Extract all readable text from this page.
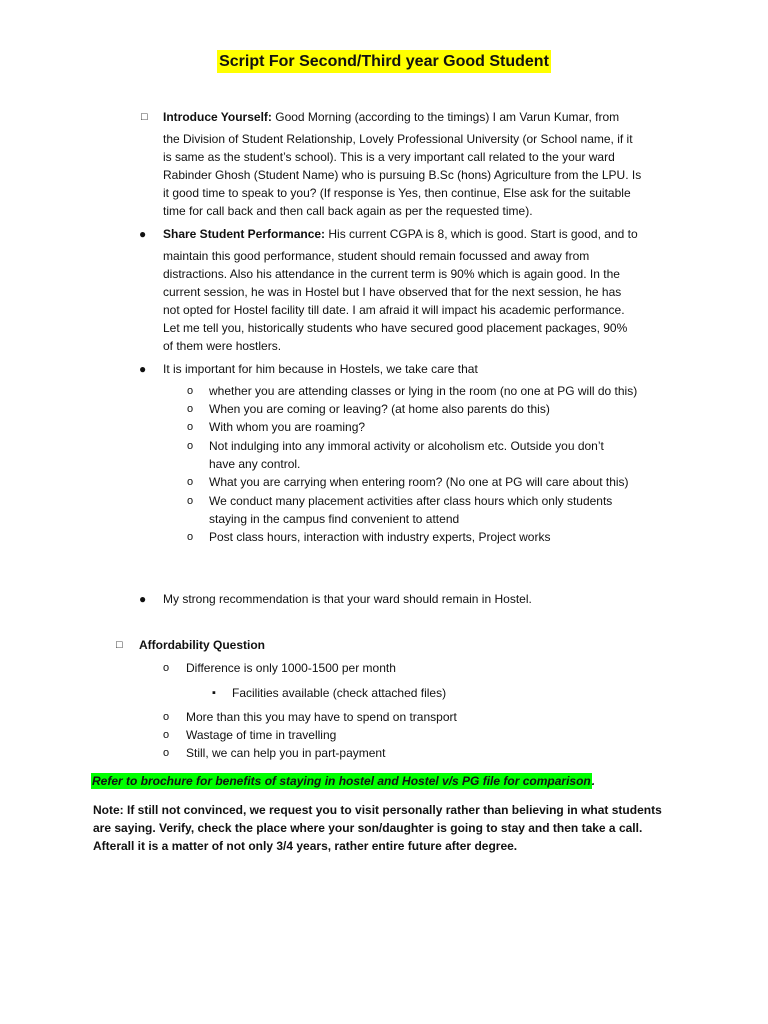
Script For Second/Third year Good Student
□ Introduce Yourself: Good Morning (according to the timings) I am Varun Kumar, from
the Division of Student Relationship, Lovely Professional University (or School name, if it
is same as the student’s school). This is a very important call related to the your ward
Rabinder Ghosh (Student Name) who is pursuing B.Sc (hons) Agriculture from the LPU. Is
it good time to speak to you? (If response is Yes, then continue, Else ask for the suitable
time for call back and then call back again as per the requested time).
● Share Student Performance: His current CGPA is 8, which is good. Start is good, and to
maintain this good performance, student should remain focussed and away from
distractions. Also his attendance in the current term is 90% which is again good. In the
current session, he was in Hostel but I have observed that for the next session, he has
not opted for Hostel facility till date. I am afraid it will impact his academic performance.
Let me tell you, historically students who have secured good placement packages, 90%
of them were hostlers.
● It is important for him because in Hostels, we take care that
o whether you are attending classes or lying in the room (no one at PG will do this)
o When you are coming or leaving? (at home also parents do this)
o With whom you are roaming?
o Not indulging into any immoral activity or alcoholism etc. Outside you don’t
have any control.
o What you are carrying when entering room? (No one at PG will care about this)
o We conduct many placement activities after class hours which only students
staying in the campus find convenient to attend
o Post class hours, interaction with industry experts, Project works
● My strong recommendation is that your ward should remain in Hostel.
□ Affordability Question
o Difference is only 1000-1500 per month
▪ Facilities available (check attached files)
o More than this you may have to spend on transport
o Wastage of time in travelling
o Still, we can help you in part-payment
Refer to brochure for benefits of staying in hostel and Hostel v/s PG file for comparison.
Note: If still not convinced, we request you to visit personally rather than believing in what students
are saying. Verify, check the place where your son/daughter is going to stay and then take a call.
Afterall it is a matter of not only 3/4 years, rather entire future after degree.
